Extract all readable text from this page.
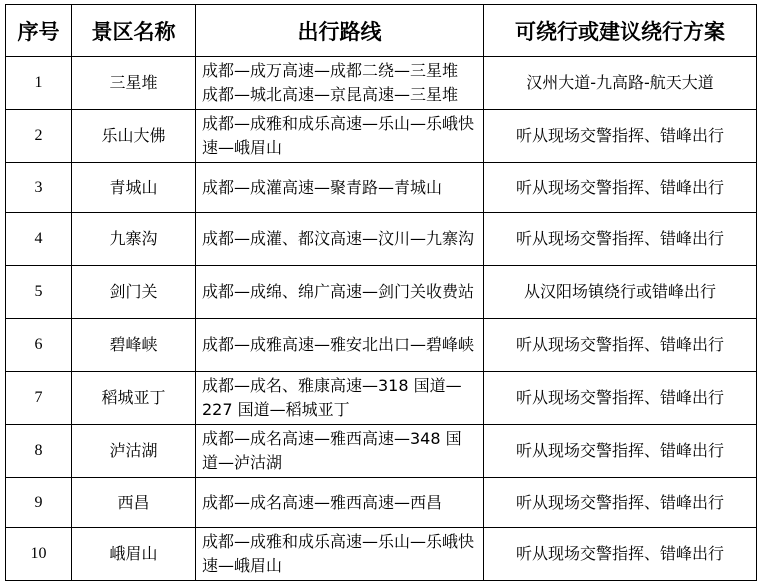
序号	景区名称	出行路线	可绕行或建议绕行方案
1	三星堆	成都—成万高速—成都二绕—三星堆 成都—城北高速—京昆高速—三星堆	汉州大道-九高路-航天大道
2	乐山大佛	成都—成雅和成乐高速—乐山—乐峨快速—峨眉山	听从现场交警指挥、错峰出行
3	青城山	成都—成灌高速—聚青路—青城山	听从现场交警指挥、错峰出行
4	九寨沟	成都—成灌、都汶高速—汶川—九寨沟	听从现场交警指挥、错峰出行
5	剑门关	成都—成绵、绵广高速—剑门关收费站	从汉阳场镇绕行或错峰出行
6	碧峰峡	成都—成雅高速—雅安北出口—碧峰峡	听从现场交警指挥、错峰出行
7	稻城亚丁	成都—成名、雅康高速—318 国道—227 国道—稻城亚丁	听从现场交警指挥、错峰出行
8	泸沽湖	成都—成名高速—雅西高速—348 国道—泸沽湖	听从现场交警指挥、错峰出行
9	西昌	成都—成名高速—雅西高速—西昌	听从现场交警指挥、错峰出行
10	峨眉山	成都—成雅和成乐高速—乐山—乐峨快速—峨眉山	听从现场交警指挥、错峰出行
